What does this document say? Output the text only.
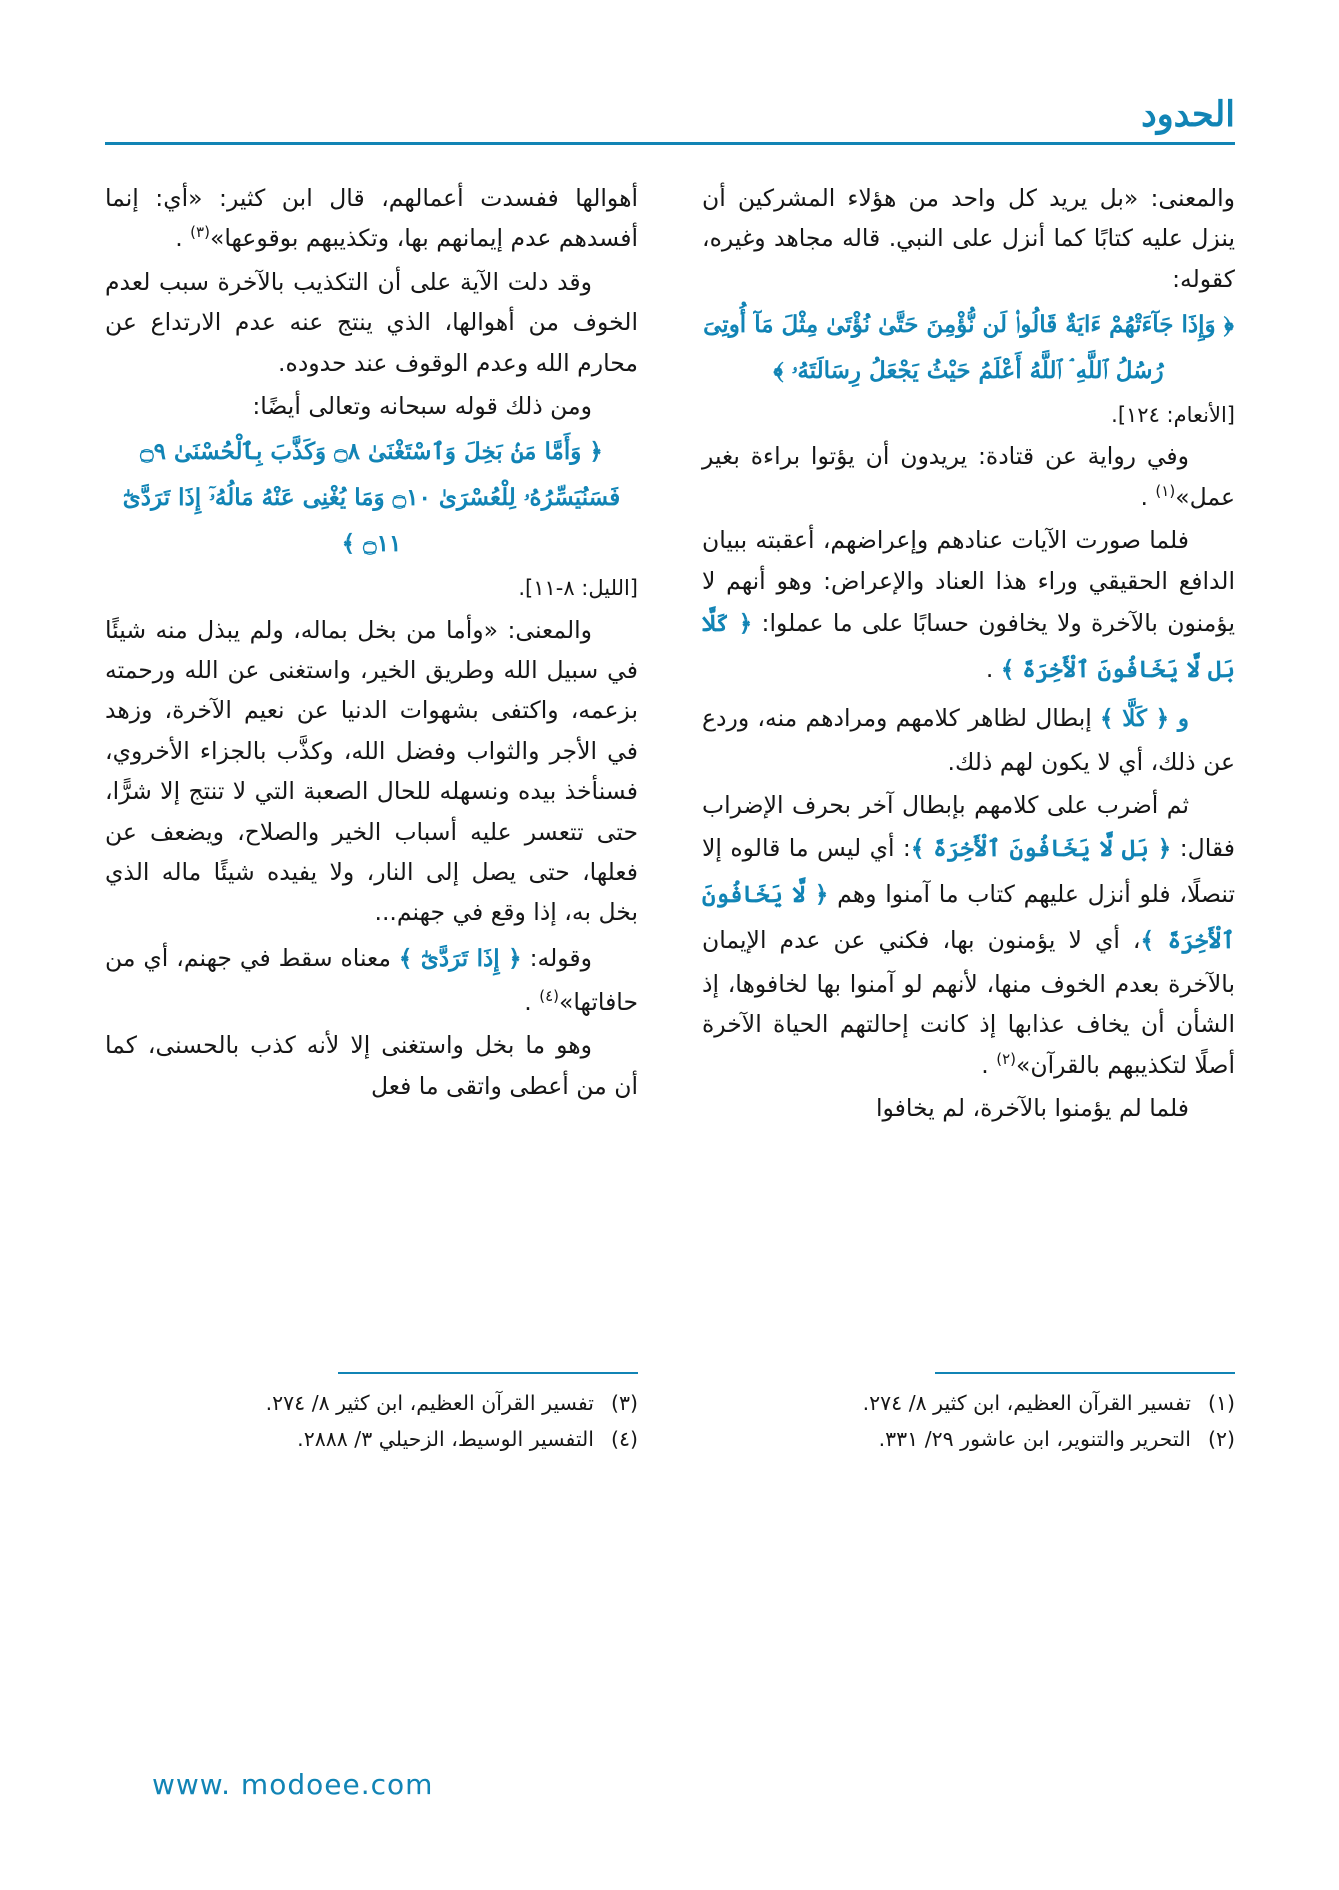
الحدود

والمعنى: «بل يريد كل واحد من هؤلاء المشركين أن ينزل عليه كتابًا كما أنزل على النبي. قاله مجاهد وغيره، كقوله:

﴿ وَإِذَا جَآءَتْهُمْ ءَايَةٌ قَالُوا۟ لَن نُّؤْمِنَ حَتَّىٰ نُؤْتَىٰ مِثْلَ مَآ أُوتِىَ رُسُلُ ٱللَّهِ ۘ ٱللَّهُ أَعْلَمُ حَيْثُ يَجْعَلُ رِسَالَتَهُۥ ﴾

[الأنعام: ١٢٤].

وفي رواية عن قتادة: يريدون أن يؤتوا براءة بغير عمل»$^{(١)}$ .

فلما صورت الآيات عنادهم وإعراضهم، أعقبته ببيان الدافع الحقيقي وراء هذا العناد والإعراض: وهو أنهم لا يؤمنون بالآخرة ولا يخافون حسابًا على ما عملوا: ﴿ كَلَّا بَل لَّا يَخَافُونَ ٱلْأَخِرَةَ ﴾ .

و ﴿ كَلَّا ﴾ إبطال لظاهر كلامهم ومرادهم منه، وردع عن ذلك، أي لا يكون لهم ذلك.

ثم أضرب على كلامهم بإبطال آخر بحرف الإضراب فقال: ﴿ بَل لَّا يَخَافُونَ ٱلْأَخِرَةَ ﴾: أي ليس ما قالوه إلا تنصلًا، فلو أنزل عليهم كتاب ما آمنوا وهم ﴿ لَّا يَخَافُونَ ٱلْأَخِرَةَ ﴾، أي لا يؤمنون بها، فكني عن عدم الإيمان بالآخرة بعدم الخوف منها، لأنهم لو آمنوا بها لخافوها، إذ الشأن أن يخاف عذابها إذ كانت إحالتهم الحياة الآخرة أصلًا لتكذيبهم بالقرآن»$^{(٢)}$ .

فلما لم يؤمنوا بالآخرة، لم يخافوا

أهوالها ففسدت أعمالهم، قال ابن كثير: «أي: إنما أفسدهم عدم إيمانهم بها، وتكذيبهم بوقوعها»$^{(٣)}$ .

وقد دلت الآية على أن التكذيب بالآخرة سبب لعدم الخوف من أهوالها، الذي ينتج عنه عدم الارتداع عن محارم الله وعدم الوقوف عند حدوده.

ومن ذلك قوله سبحانه وتعالى أيضًا:

﴿ وَأَمَّا مَنۢ بَخِلَ وَٱسْتَغْنَىٰ ۝٨ وَكَذَّبَ بِٱلْحُسْنَىٰ ۝٩ فَسَنُيَسِّرُهُۥ لِلْعُسْرَىٰ ۝١٠ وَمَا يُغْنِى عَنْهُ مَالُهُۥٓ إِذَا تَرَدَّىٰٓ ۝١١ ﴾

[الليل: ٨-١١].

والمعنى: «وأما من بخل بماله، ولم يبذل منه شيئًا في سبيل الله وطريق الخير، واستغنى عن الله ورحمته بزعمه، واكتفى بشهوات الدنيا عن نعيم الآخرة، وزهد في الأجر والثواب وفضل الله، وكذَّب بالجزاء الأخروي، فسنأخذ بيده ونسهله للحال الصعبة التي لا تنتج إلا شرًّا، حتى تتعسر عليه أسباب الخير والصلاح، ويضعف عن فعلها، حتى يصل إلى النار، ولا يفيده شيئًا ماله الذي بخل به، إذا وقع في جهنم...

وقوله: ﴿ إِذَا تَرَدَّىٰٓ ﴾ معناه سقط في جهنم، أي من حافاتها»$^{(٤)}$ .

وهو ما بخل واستغنى إلا لأنه كذب بالحسنى، كما أن من أعطى واتقى ما فعل

(١)
تفسير القرآن العظيم، ابن كثير ٨/ ٢٧٤.
(٢)
التحرير والتنوير، ابن عاشور ٢٩/ ٣٣١.
(٣)
تفسير القرآن العظيم، ابن كثير ٨/ ٢٧٤.
(٤)
التفسير الوسيط، الزحيلي ٣/ ٢٨٨٨.
www. modoee.com
